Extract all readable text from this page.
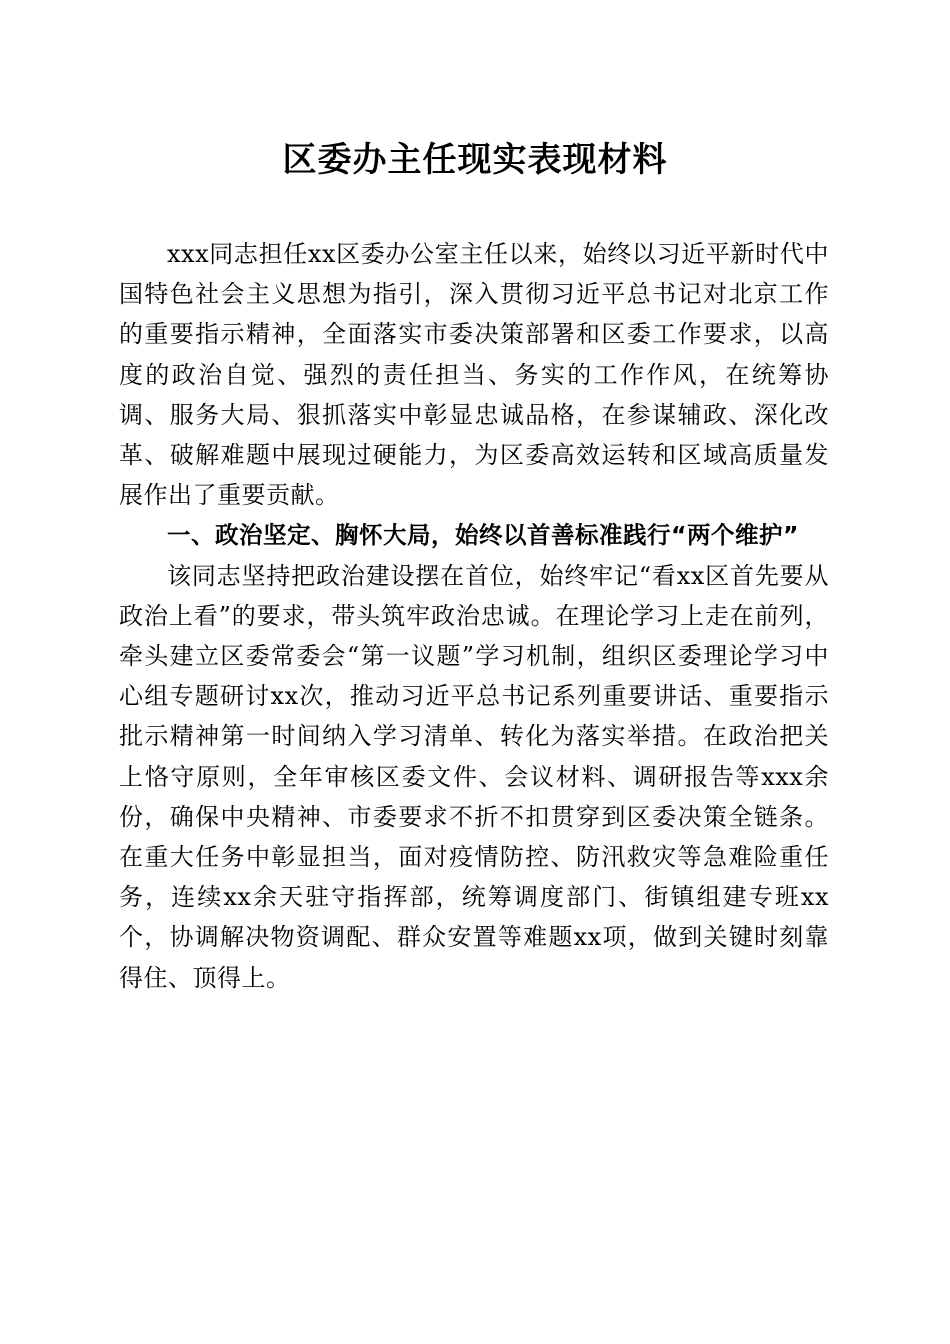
区委办主任现实表现材料

xxx同志担任xx区委办公室主任以来，始终以习近平新时代中国特色社会主义思想为指引，深入贯彻习近平总书记对北京工作的重要指示精神，全面落实市委决策部署和区委工作要求，以高度的政治自觉、强烈的责任担当、务实的工作作风，在统筹协调、服务大局、狠抓落实中彰显忠诚品格，在参谋辅政、深化改革、破解难题中展现过硬能力，为区委高效运转和区域高质量发展作出了重要贡献。

一、政治坚定、胸怀大局，始终以首善标准践行“两个维护”

该同志坚持把政治建设摆在首位，始终牢记“看xx区首先要从政治上看”的要求，带头筑牢政治忠诚。在理论学习上走在前列，牵头建立区委常委会“第一议题”学习机制，组织区委理论学习中心组专题研讨xx次，推动习近平总书记系列重要讲话、重要指示批示精神第一时间纳入学习清单、转化为落实举措。在政治把关上恪守原则，全年审核区委文件、会议材料、调研报告等xxx余份，确保中央精神、市委要求不折不扣贯穿到区委决策全链条。在重大任务中彰显担当，面对疫情防控、防汛救灾等急难险重任务，连续xx余天驻守指挥部，统筹调度部门、街镇组建专班xx个，协调解决物资调配、群众安置等难题xx项，做到关键时刻靠得住、顶得上。
